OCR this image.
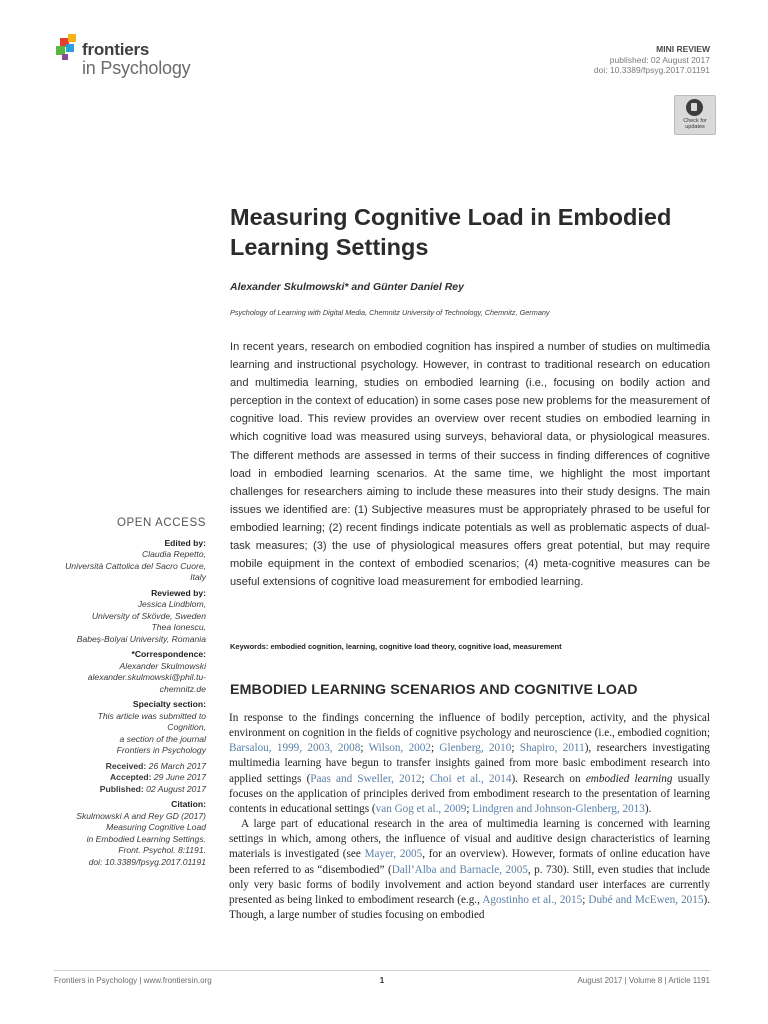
frontiers
in Psychology
MINI REVIEW
published: 02 August 2017
doi: 10.3389/fpsyg.2017.01191
Check for
updates
Measuring Cognitive Load in Embodied Learning Settings
Alexander Skulmowski* and Günter Daniel Rey
Psychology of Learning with Digital Media, Chemnitz University of Technology, Chemnitz, Germany

In recent years, research on embodied cognition has inspired a number of studies on multimedia learning and instructional psychology. However, in contrast to traditional research on education and multimedia learning, studies on embodied learning (i.e., focusing on bodily action and perception in the context of education) in some cases pose new problems for the measurement of cognitive load. This review provides an overview over recent studies on embodied learning in which cognitive load was measured using surveys, behavioral data, or physiological measures. The different methods are assessed in terms of their success in finding differences of cognitive load in embodied learning scenarios. At the same time, we highlight the most important challenges for researchers aiming to include these measures into their study designs. The main issues we identified are: (1) Subjective measures must be appropriately phrased to be useful for embodied learning; (2) recent findings indicate potentials as well as problematic aspects of dual-task measures; (3) the use of physiological measures offers great potential, but may require mobile equipment in the context of embodied scenarios; (4) meta-cognitive measures can be useful extensions of cognitive load measurement for embodied learning.

Keywords: embodied cognition, learning, cognitive load theory, cognitive load, measurement
EMBODIED LEARNING SCENARIOS AND COGNITIVE LOAD

In response to the findings concerning the influence of bodily perception, activity, and the physical environment on cognition in the fields of cognitive psychology and neuroscience (i.e., embodied cognition; Barsalou, 1999, 2003, 2008; Wilson, 2002; Glenberg, 2010; Shapiro, 2011), researchers investigating multimedia learning have begun to transfer insights gained from more basic embodiment research into applied settings (Paas and Sweller, 2012; Choi et al., 2014). Research on embodied learning usually focuses on the application of principles derived from embodiment research to the presentation of learning contents in educational settings (van Gog et al., 2009; Lindgren and Johnson-Glenberg, 2013).

A large part of educational research in the area of multimedia learning is concerned with learning settings in which, among others, the influence of visual and auditive design characteristics of learning materials is investigated (see Mayer, 2005, for an overview). However, formats of online education have been referred to as “disembodied” (Dall’Alba and Barnacle, 2005, p. 730). Still, even studies that include only very basic forms of bodily involvement and action beyond standard user interfaces are currently presented as being linked to embodiment research (e.g., Agostinho et al., 2015; Dubé and McEwen, 2015). Though, a large number of studies focusing on embodied

OPEN ACCESS
Edited by:
Claudia Repetto,
Università Cattolica del Sacro Cuore,
Italy
Reviewed by:
Jessica Lindblom,
University of Skövde, Sweden
Thea Ionescu,
Babeș-Bolyai University, Romania
*Correspondence:
Alexander Skulmowski
alexander.skulmowski@phil.tu-
chemnitz.de
Specialty section:
This article was submitted to
Cognition,
a section of the journal
Frontiers in Psychology
Received: 26 March 2017
Accepted: 29 June 2017
Published: 02 August 2017
Citation:
Skulmowski A and Rey GD (2017)
Measuring Cognitive Load
in Embodied Learning Settings.
Front. Psychol. 8:1191.
doi: 10.3389/fpsyg.2017.01191
Frontiers in Psychology | www.frontiersin.org	1	August 2017 | Volume 8 | Article 1191
